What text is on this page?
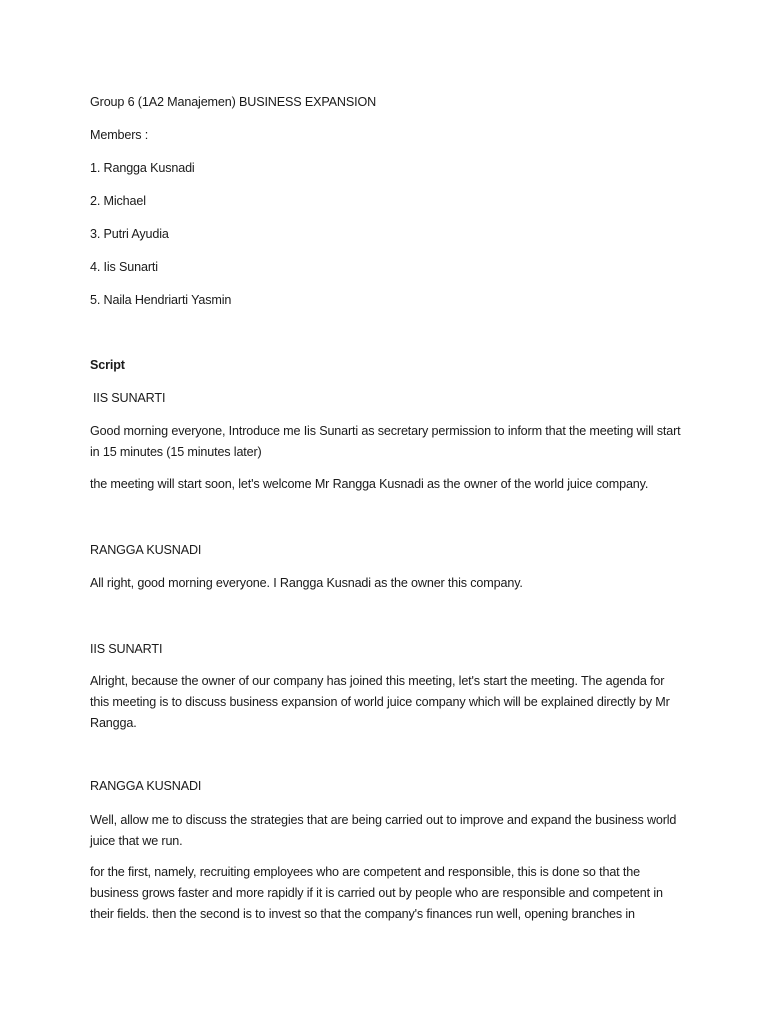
Group 6 (1A2 Manajemen) BUSINESS EXPANSION
Members :
1. Rangga Kusnadi
2. Michael
3. Putri Ayudia
4. Iis Sunarti
5. Naila Hendriarti Yasmin
Script
IIS SUNARTI
Good morning everyone, Introduce me Iis Sunarti as secretary permission to inform that the meeting will start in 15 minutes (15 minutes later)
the meeting will start soon, let's welcome Mr Rangga Kusnadi as the owner of the world juice company.
RANGGA KUSNADI
All right, good morning everyone. I Rangga Kusnadi as the owner this company.
IIS SUNARTI
Alright, because the owner of our company has joined this meeting, let's start the meeting. The agenda for this meeting is to discuss business expansion of world juice company which will be explained directly by Mr Rangga.
RANGGA KUSNADI
Well, allow me to discuss the strategies that are being carried out to improve and expand the business world juice that we run.
for the first, namely, recruiting employees who are competent and responsible, this is done so that the business grows faster and more rapidly if it is carried out by people who are responsible and competent in their fields. then the second is to invest so that the company's finances run well, opening branches in
